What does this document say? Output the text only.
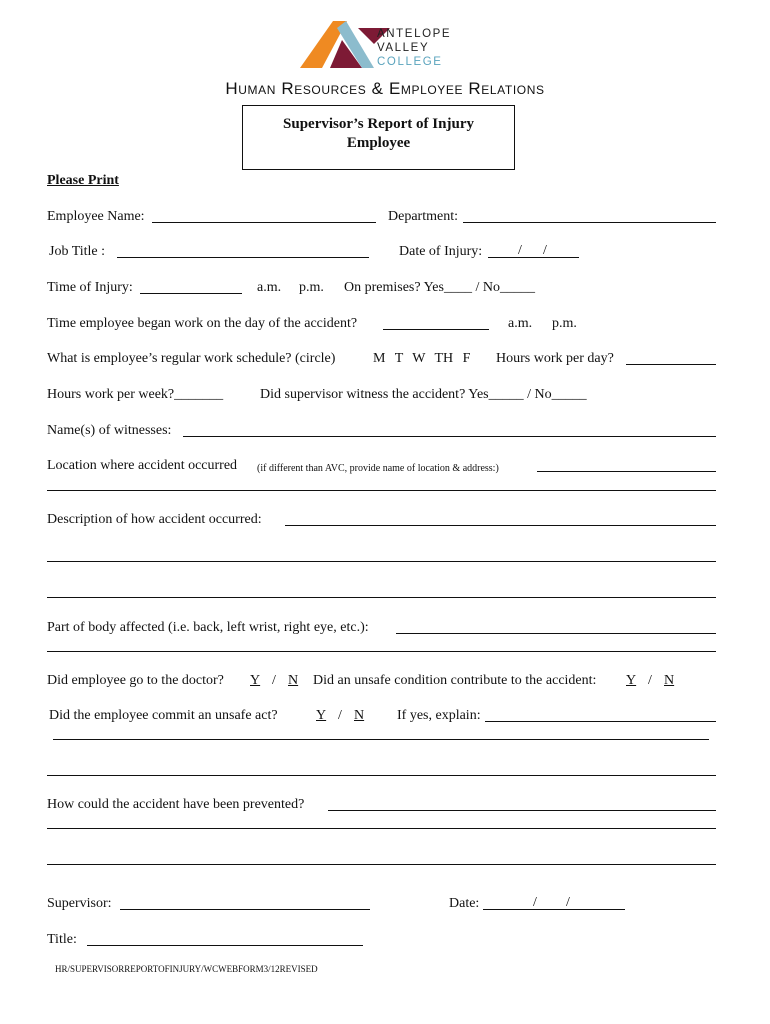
ANTELOPE
VALLEY
COLLEGE
Human Resources & Employee Relations
Supervisor’s Report of Injury
Employee
Please Print
Employee Name:	Department:
Job Title :	Date of Injury:	/ /
Time of Injury:	a.m. p.m. On premises? Yes____ / No_____
Time employee began work on the day of the accident?	a.m. p.m.
What is employee’s regular work schedule? (circle)	M T W TH F Hours work per day?
Hours work per week?_______	Did supervisor witness the accident? Yes_____ / No_____
Name(s) of witnesses:
Location where accident occurred (if different than AVC, provide name of location & address:)
Description of how accident occurred:
Part of body affected (i.e. back, left wrist, right eye, etc.):
Did employee go to the doctor? Y / N Did an unsafe condition contribute to the accident: Y / N
Did the employee commit an unsafe act?	Y / N If yes, explain:
How could the accident have been prevented?
Supervisor:	Date:	/ /
Title:
HR/SUPERVISORREPORTOFINJURY/WCWEBFORM3/12REVISED
